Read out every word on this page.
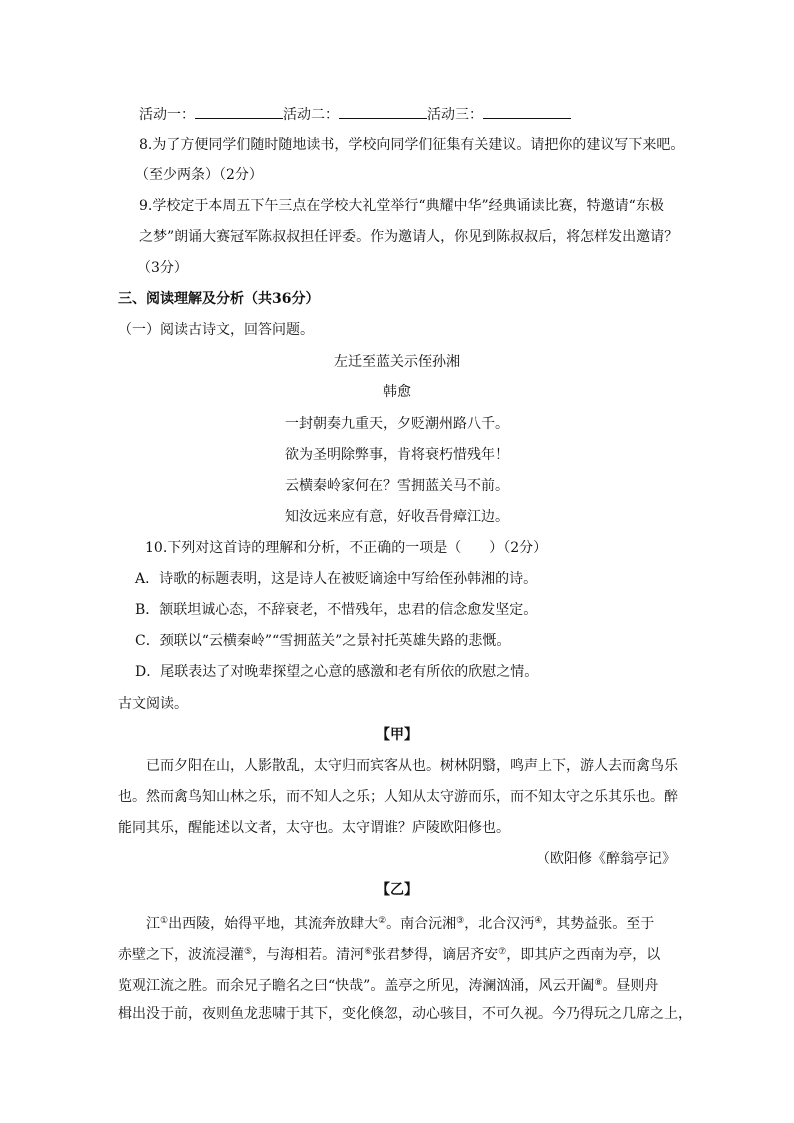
活动一：	活动二：	活动三：
8.为了方便同学们随时随地读书，学校向同学们征集有关建议。请把你的建议写下来吧。
（至少两条）（2分）
9.学校定于本周五下午三点在学校大礼堂举行“典耀中华”经典诵读比赛，特邀请“东极
之梦”朗诵大赛冠军陈叔叔担任评委。作为邀请人，你见到陈叔叔后，将怎样发出邀请？
（3分）
三、阅读理解及分析（共36分）
（一）阅读古诗文，回答问题。
左迁至蓝关示侄孙湘
韩愈
一封朝奏九重天，夕贬潮州路八千。
欲为圣明除弊事，肯将衰朽惜残年！
云横秦岭家何在？雪拥蓝关马不前。
知汝远来应有意，好收吾骨瘴江边。
10.下列对这首诗的理解和分析，不正确的一项是（　　）（2分）
A．诗歌的标题表明，这是诗人在被贬谪途中写给侄孙韩湘的诗。
B．颔联坦诚心态，不辞衰老，不惜残年，忠君的信念愈发坚定。
C．颈联以“云横秦岭”“雪拥蓝关”之景衬托英雄失路的悲慨。
D．尾联表达了对晚辈探望之心意的感激和老有所依的欣慰之情。
古文阅读。
【甲】
已而夕阳在山，人影散乱，太守归而宾客从也。树林阴翳，鸣声上下，游人去而禽鸟乐
也。然而禽鸟知山林之乐，而不知人之乐；人知从太守游而乐，而不知太守之乐其乐也。醉
能同其乐，醒能述以文者，太守也。太守谓谁？庐陵欧阳修也。
（欧阳修《醉翁亭记》
【乙】
江①出西陵，始得平地，其流奔放肆大②。南合沅湘③，北合汉沔④，其势益张。至于
赤壁之下，波流浸灌⑤，与海相若。清河⑥张君梦得，谪居齐安⑦，即其庐之西南为亭，以
览观江流之胜。而余兄子瞻名之曰“快哉”。盖亭之所见，涛澜汹涌，风云开阖⑧。昼则舟
楫出没于前，夜则鱼龙悲啸于其下，变化倏忽，动心骇目，不可久视。今乃得玩之几席之上，
